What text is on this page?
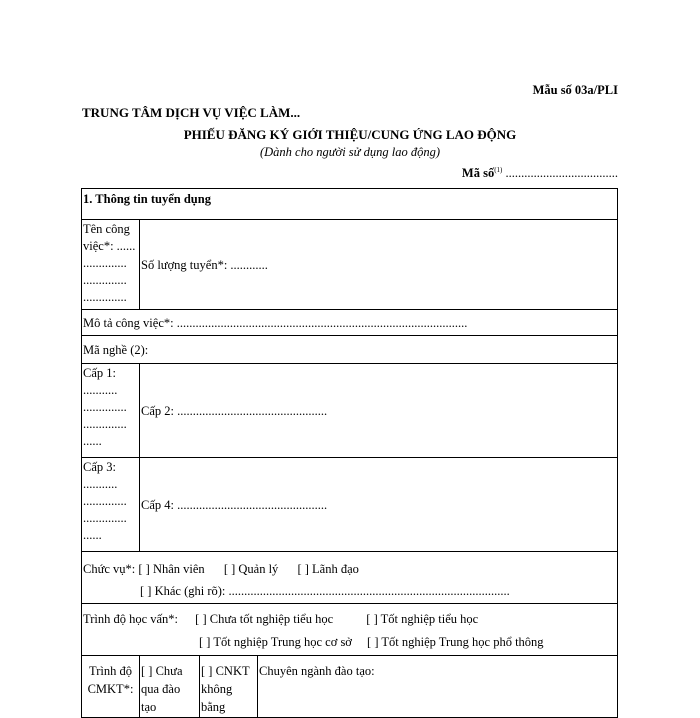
Mẫu số 03a/PLI
TRUNG TÂM DỊCH VỤ VIỆC LÀM...
PHIẾU ĐĂNG KÝ GIỚI THIỆU/CUNG ỨNG LAO ĐỘNG
(Dành cho người sử dụng lao động)
Mã số$^{(1)}$ ....................................
1. Thông tin tuyển dụng			
Tên công việc*: ...... .............. .............. ..............	Số lượng tuyển*: ............		
Mô tả công việc*: .............................................................................................			
Mã nghề (2):			
Cấp 1: ........... .............. .............. ......	Cấp 2: ................................................		
Cấp 3: ........... .............. .............. ......	Cấp 4: ................................................		

Chức vụ*: [ ] Nhân viên [ ] Quản lý [ ] Lãnh đạo
[ ] Khác (ghi rõ): ..........................................................................................			

Trình độ học vấn*: [ ] Chưa tốt nghiệp tiểu học [ ] Tốt nghiệp tiểu học
[ ] Tốt nghiệp Trung học cơ sở [ ] Tốt nghiệp Trung học phổ thông			

Trình độ CMKT*:	[ ] Chưa qua đào tạo	[ ] CNKT không bằng	Chuyên ngành đào tạo:
